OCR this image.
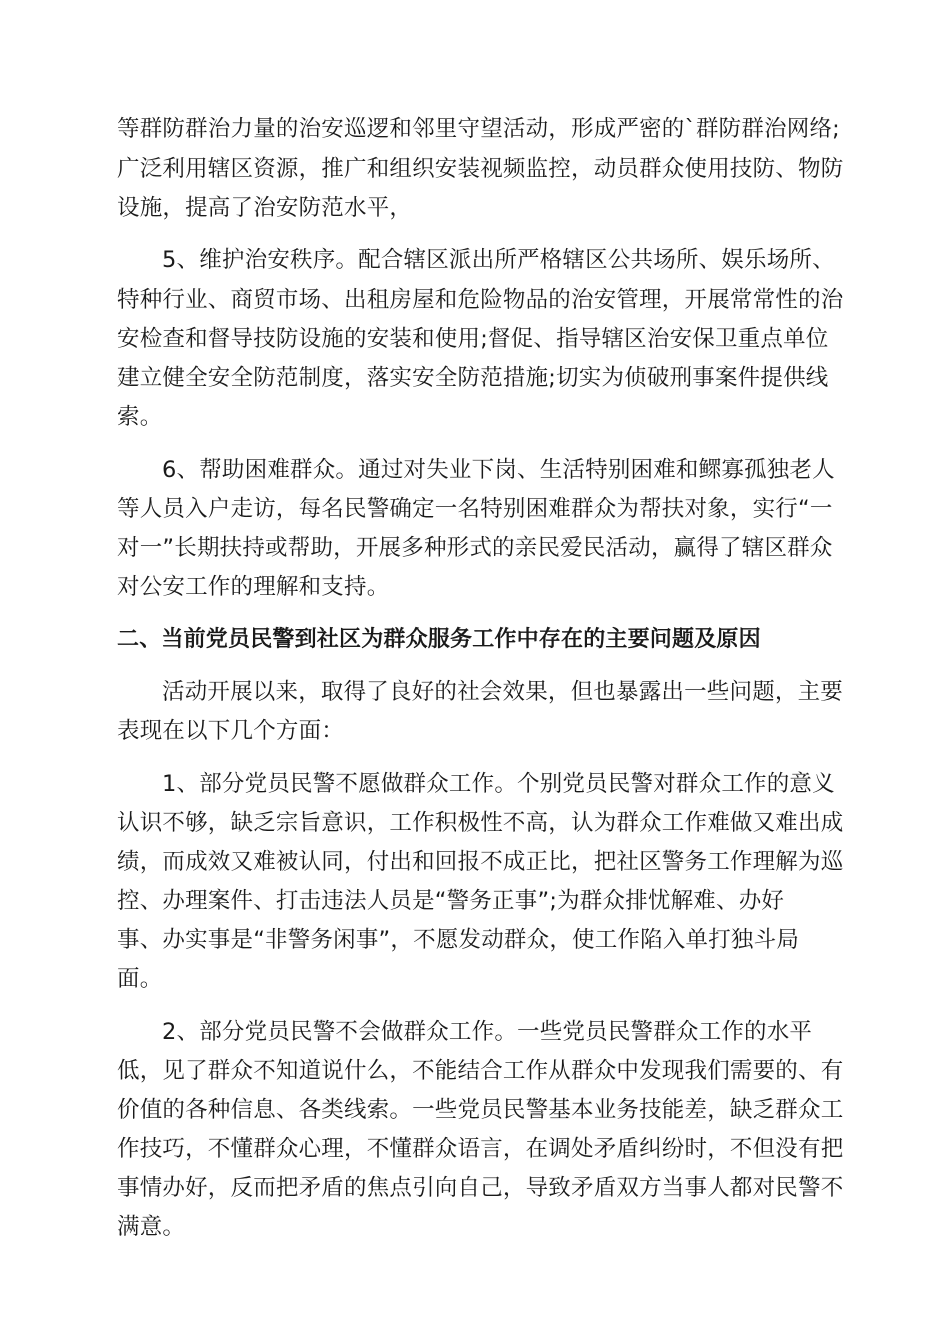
等群防群治力量的治安巡逻和邻里守望活动，形成严密的`群防群治网络;
广泛利用辖区资源，推广和组织安装视频监控，动员群众使用技防、物防
设施，提高了治安防范水平，
5、维护治安秩序。配合辖区派出所严格辖区公共场所、娱乐场所、
特种行业、商贸市场、出租房屋和危险物品的治安管理，开展常常性的治
安检查和督导技防设施的安装和使用;督促、指导辖区治安保卫重点单位
建立健全安全防范制度，落实安全防范措施;切实为侦破刑事案件提供线
索。
6、帮助困难群众。通过对失业下岗、生活特别困难和鳏寡孤独老人
等人员入户走访，每名民警确定一名特别困难群众为帮扶对象，实行“一
对一”长期扶持或帮助，开展多种形式的亲民爱民活动，赢得了辖区群众
对公安工作的理解和支持。
二、当前党员民警到社区为群众服务工作中存在的主要问题及原因
活动开展以来，取得了良好的社会效果，但也暴露出一些问题，主要
表现在以下几个方面：
1、部分党员民警不愿做群众工作。个别党员民警对群众工作的意义
认识不够，缺乏宗旨意识，工作积极性不高，认为群众工作难做又难出成
绩，而成效又难被认同，付出和回报不成正比，把社区警务工作理解为巡
控、办理案件、打击违法人员是“警务正事”;为群众排忧解难、办好
事、办实事是“非警务闲事”，不愿发动群众，使工作陷入单打独斗局
面。
2、部分党员民警不会做群众工作。一些党员民警群众工作的水平
低，见了群众不知道说什么，不能结合工作从群众中发现我们需要的、有
价值的各种信息、各类线索。一些党员民警基本业务技能差，缺乏群众工
作技巧，不懂群众心理，不懂群众语言，在调处矛盾纠纷时，不但没有把
事情办好，反而把矛盾的焦点引向自己，导致矛盾双方当事人都对民警不
满意。
